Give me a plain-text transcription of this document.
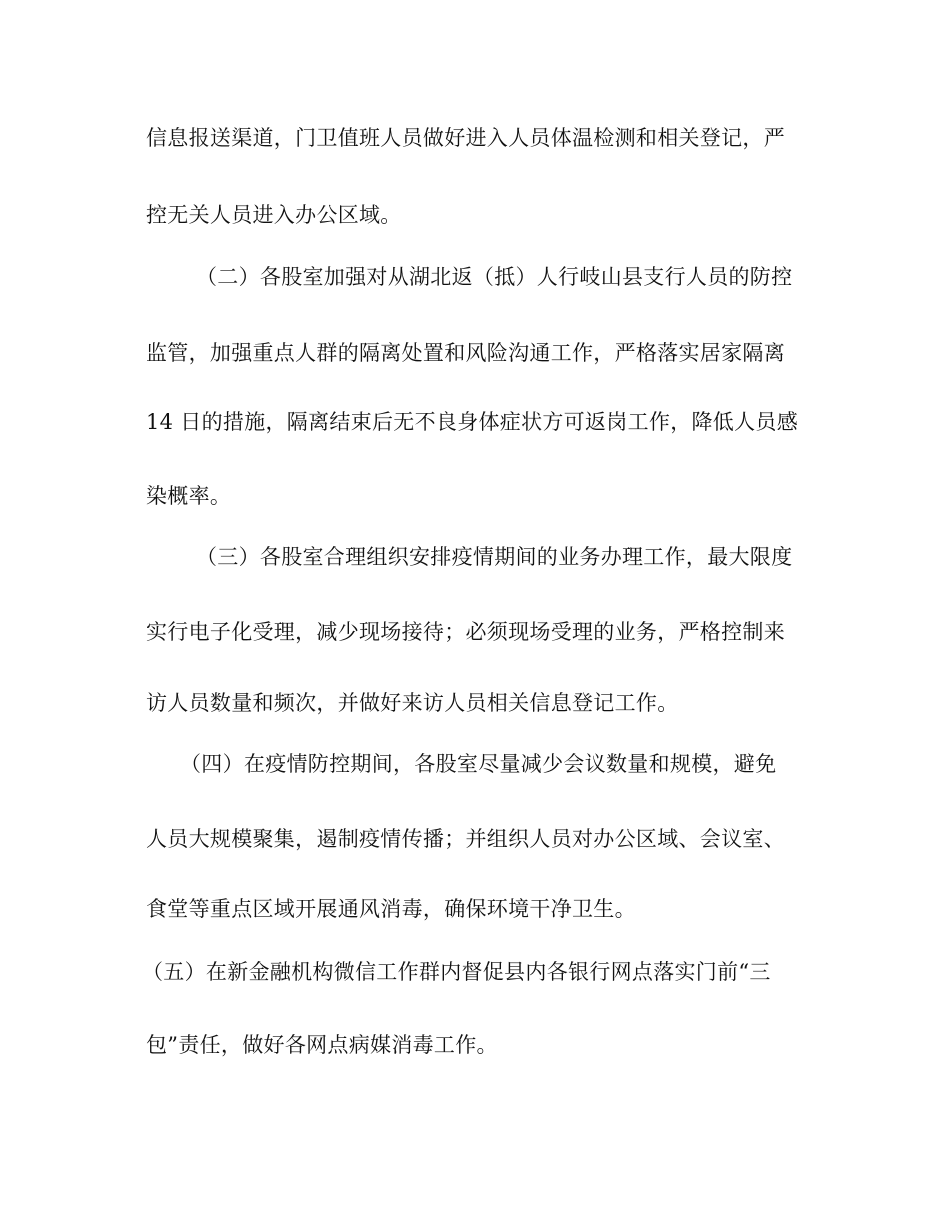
信息报送渠道，门卫值班人员做好进入人员体温检测和相关登记，严
控无关人员进入办公区域。
（二）各股室加强对从湖北返（抵）人行岐山县支行人员的防控
监管，加强重点人群的隔离处置和风险沟通工作，严格落实居家隔离
14 日的措施，隔离结束后无不良身体症状方可返岗工作，降低人员感
染概率。
（三）各股室合理组织安排疫情期间的业务办理工作，最大限度
实行电子化受理，减少现场接待；必须现场受理的业务，严格控制来
访人员数量和频次，并做好来访人员相关信息登记工作。
（四）在疫情防控期间，各股室尽量减少会议数量和规模，避免
人员大规模聚集，遏制疫情传播；并组织人员对办公区域、会议室、
食堂等重点区域开展通风消毒，确保环境干净卫生。
（五）在新金融机构微信工作群内督促县内各银行网点落实门前“三
包”责任，做好各网点病媒消毒工作。
